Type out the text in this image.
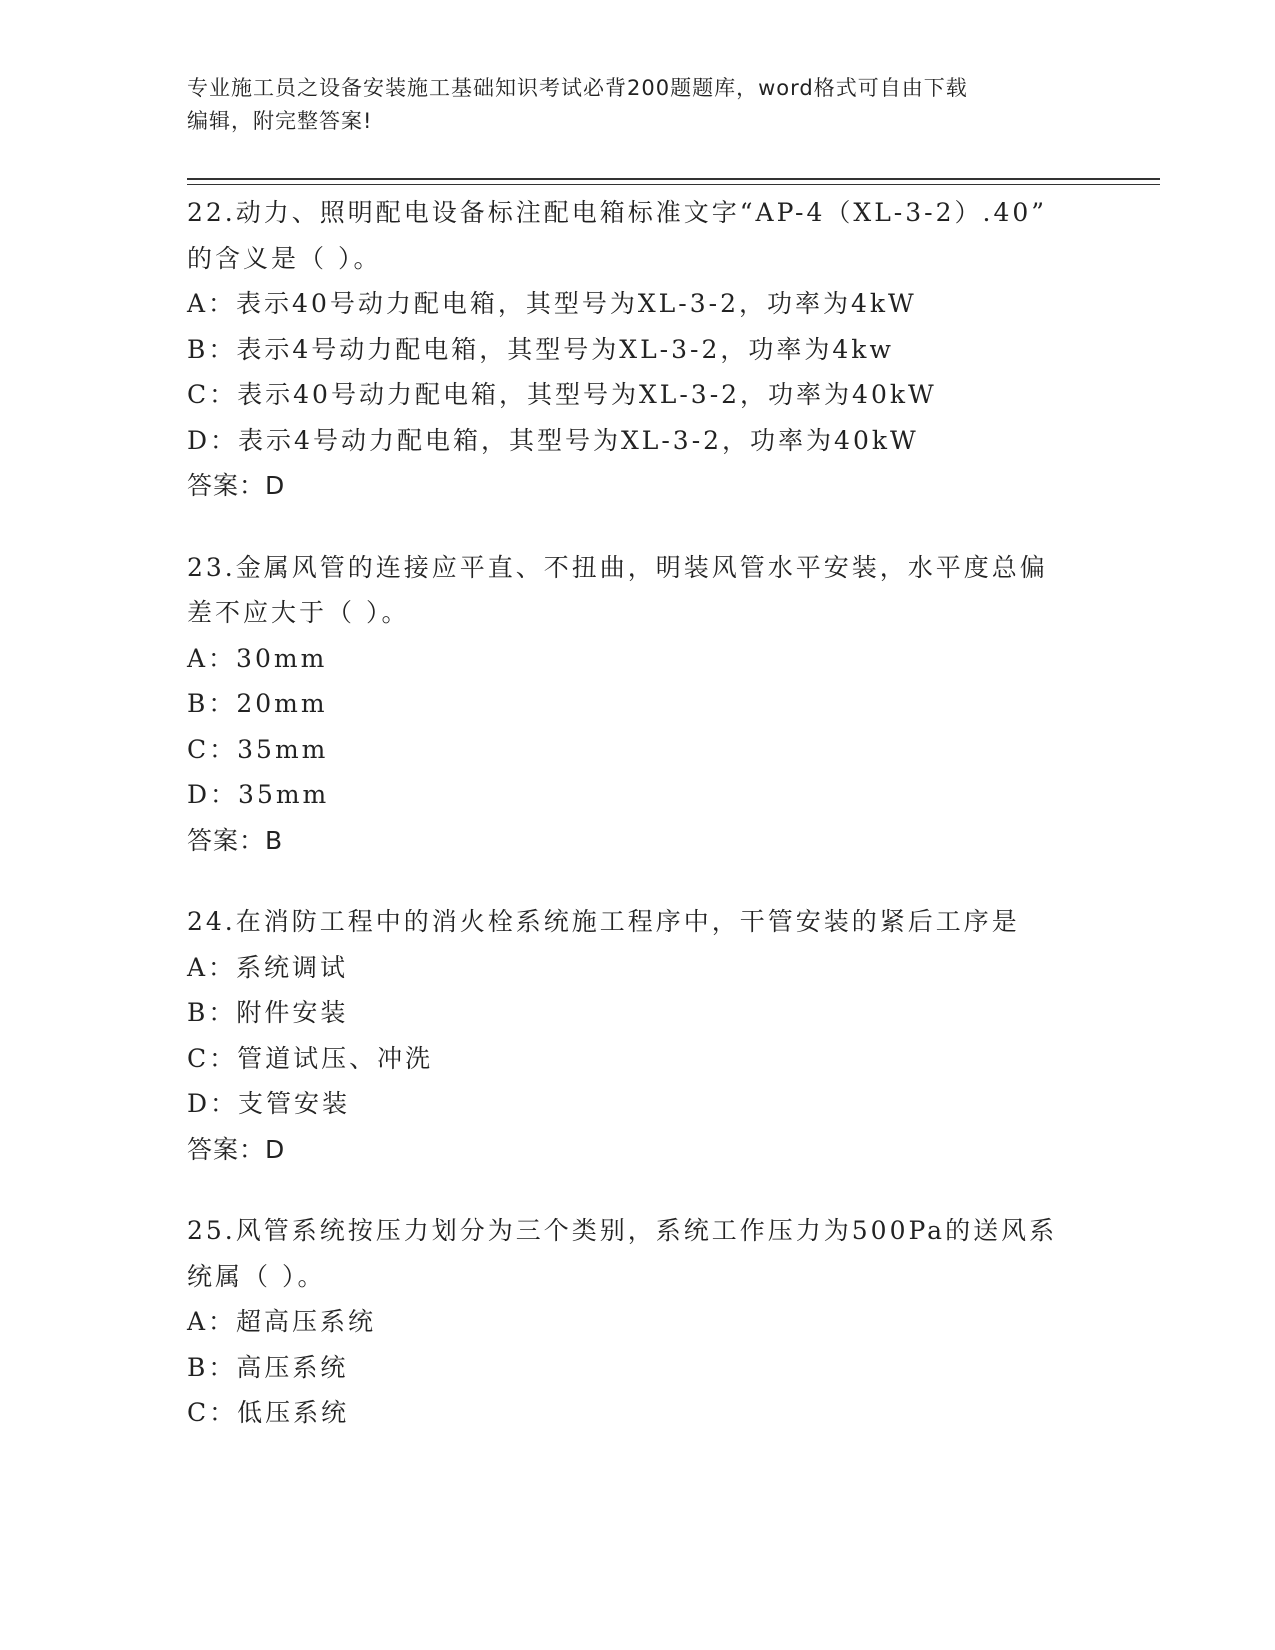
专业施工员之设备安装施工基础知识考试必背200题题库，word格式可自由下载
编辑，附完整答案!
22.动力、照明配电设备标注配电箱标准文字“AP-4（XL-3-2）.40”
的含义是（ ）。
A：表示40号动力配电箱，其型号为XL-3-2，功率为4kW
B：表示4号动力配电箱，其型号为XL-3-2，功率为4kw
C：表示40号动力配电箱，其型号为XL-3-2，功率为40kW
D：表示4号动力配电箱，其型号为XL-3-2，功率为40kW
答案：D
23.金属风管的连接应平直、不扭曲，明装风管水平安装，水平度总偏
差不应大于（ ）。
A：30mm
B：20mm
C：35mm
D：35mm
答案：B
24.在消防工程中的消火栓系统施工程序中，干管安装的紧后工序是
A：系统调试
B：附件安装
C：管道试压、冲洗
D：支管安装
答案：D
25.风管系统按压力划分为三个类别，系统工作压力为500Pa的送风系
统属（ ）。
A：超高压系统
B：高压系统
C：低压系统
